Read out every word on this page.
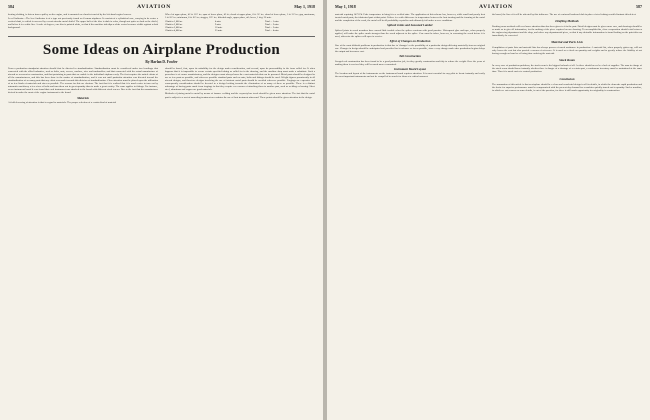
584	AVIATION	May 1, 1918

heating clothing, is driven from a pulley on the engine, and is mounted on a bracket carried by the left-hand engine bearers.

Level Indicator—The level indicator is of a type not previously found on German airplanes. It consists of a cylindrical case, carrying in its center a vertical shaft, to which is screwed by a semi-circular metal shield. The upper half of the disc is dark in color, though not quite so dark as the shield, and below it is a white line. A scale of degrees, one disc is painted white, so that if the machine sideslips a white sector becomes visible against a dark background.

Wheel of upper plane, 42 ft. 11½ in.; span of lower plane, 43 ft.; chord of upper plane, 6 ft. 5½ in.; chord of lower plane, 5 ft. 3½ in.; gap, maximum, 5 ft. 8½ in.; minimum, 6 ft. 0½ in.; stagger, 12½ in.; dihedral angle, upper plane, nil; lower, 1 deg. 30 min.

Climb to 1,000 m.	4 min.	Total ... 1 min.
Climb to 2,000 m.	9 min.	Total ... 2 min.
Climb to 3,000 m.	16 min.	Total ... 3 min.
Climb to 4,000 m.	25 min.	Total ... 4 min.
Some Ideas on Airplane Production
By Harlan D. Fowler

From a production standpoint attention should first be directed to standardization. Standardization must be considered under two headings; that connected with the allied industries, such as bolts, nuts, screws, washers, wire and turnbuckles; and that connected with the actual manufacture of aircraft or accessories construction, and that pertaining to parts that are usable in the individual airplanes only. The first requires the united efforts of all the manufacturers, and this has been done in the matter of standardization, and it was not until particular attention was directed toward the standardization of so many parts that any effort was made towards this division of standardization. Close attention must be placed upon the utilization of as few kinds of materials and sizes as possible. The reasons for this are obvious. The fact that it is realized that it is much easier to turn out by automatic machinery a few sizes of bolts and turn them out in great quantity than to make a great variety. The same applies to fittings. For instance, on an instrument board it was found that each instrument was attached to the board with different sized screws. Due to the fact that the manufacturer desired to make the most of the engine instrument to the board.

Materials

A field deserving of attention is that in regard to materials. The proper selection of a certain kind of material

should be based, first, upon its suitability for the design under consideration, and second, upon its procurability in the form called for. It often happens that it is impossible to secure certain specified tubing as called for in the drawing, and the machine shop must make a substitute. Such a procedure is of course unsatisfactory, and the designer must always know the exact materials that can be procured. Metal parts should be designed to use as few parts as possible, and wherever possible standard parts such as nuts, bolts and fittings should be used. Weight figures prominently in all aircraft designs, and therefore designs involving the use of intricate metal parts should be avoided wherever possible. Forgings are expensive and consequently consideration should be devoted to a design looking towards the elimination of as many of these as possible. There is a distinct advantage of having parts made from forgings in that they require ever means of attaching them to another part, such as welding or brazing. Sheet steel, aluminum and copper are good materials.

Methods of joining metal to metal by means of furnace welding and the oxyacetylene torch should be given more attention. The fact that the metal part is subject to a sort of annealing treatment necessitates the use of heat treatment afterward. These points should be given attention in the design.

May 1, 1918	AVIATION	587

material requiring 1473 Pd. Fabr. temperature to bring it to a welded state. The application of this scheme has, however, while small and poorly heat treated metal parts, the fabricated part at that point. If there is a wide difference in temperature between the heat treating and the forming of the metal and the completion of the work, the metal will in all probability crystalize and ultimately fail under severe conditions.

Spliced Joints and Seasoned Lumber

Spliced joints in wood members have caused little trouble when the splices conform with good practice. Waterproof glue and tape, when properly applied, will make the splice much stronger than the wood adjacent to the splice. Care must be taken, however, in seasoning the wood before it is used, otherwise the splices will open in service.

Effect of Changes on Production

One of the most difficult problems in production is that due to 'changes' or the possibility of a particular design differing materially from an original one. Changes in design should be anticipated and provided for in advance as far as possible, since every change made after production begins delays the output and increases cost.

Tail Construction

Swaged rod construction has been found to be a good production job, for they greatly construction and tidy to reduce the weight. Over the years of making them is received they will be much more economical.

Instrument Board Layout

The location and layout of the instruments on the instrument board requires attention. It is most essential for any pilot to locate instantly and easily the most important instruments and not be compelled to search for them at a critical moment.

the board, the line of it will be affected by this influence. The use of a mineral hardened slab in place of steel tubing would eliminate this defect.

Drafting Methods

Drafting room methods will need more attention than has been given to it in the past. Detail designs must be given more care, and drawings should be so made as to give all information, for the making of the piece required on one drawing. To accomplish this, close cooperation should exist between the engineering department and the shop, and where any departmental piece, so that if any desirable information is found lacking on the print this can immediately be corrected.

Material and Parts Lists

Compilation of parts lists and material lists has always proven of much assistance in production. A material list, when properly gotten up, will not only lessen the cost but also provide a means of reference. It is used as a check on quantity and weights and to greatly reduce the liability of not having enough on hand or of losing time ordering the material.

Stock Room

In every case of production problems, the stock room is the biggest bulwark of all. As there should never be a lack of supplies. The man in charge of the stock room should know instantly whether there is danger of a shortage of a certain part, a continuous inventory must be maintained at the same time. Then it is much easier to control production.

Conclusion

The summation of this article is that an airplane should be a clean and wonderful design in all its details, in which the domestic rapid production and the desire for superior performance must be compromised with the present day demand for a machine quickly turned out in quantity. Such a machine, in which we cut corners on some details, is out of the question, for there is still much opportunity for originality in construction.
